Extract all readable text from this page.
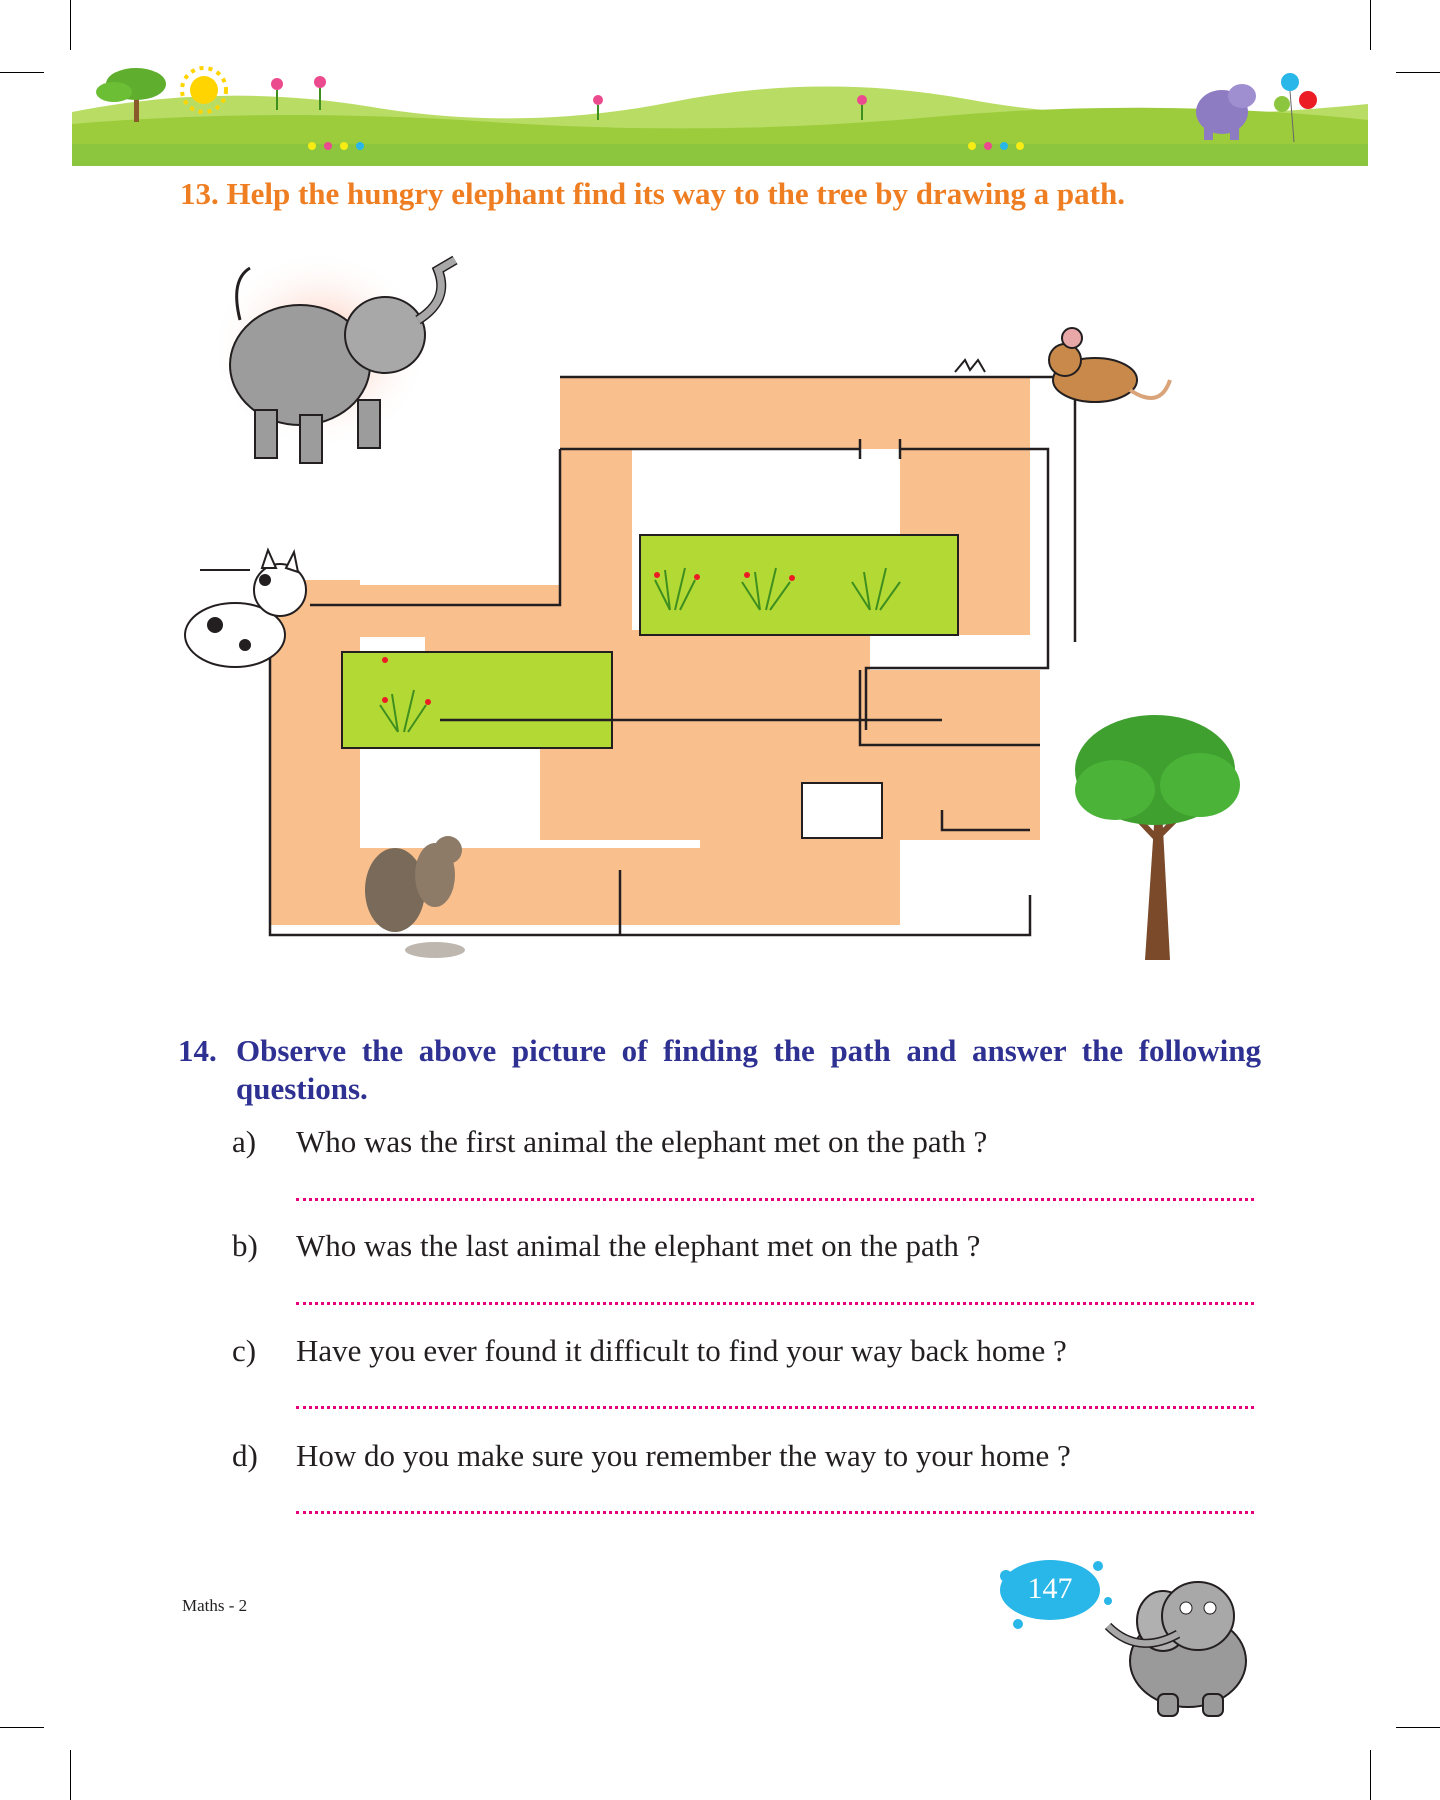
13. Help the hungry elephant find its way to the tree by drawing a path.
14. Observe the above picture of finding the path and answer the following questions.
a) Who was the first animal the elephant met on the path ?
b) Who was the last animal the elephant met on the path ?
c) Have you ever found it difficult to find your way back home ?
d) How do you make sure you remember the way to your home ?
Maths - 2
147
